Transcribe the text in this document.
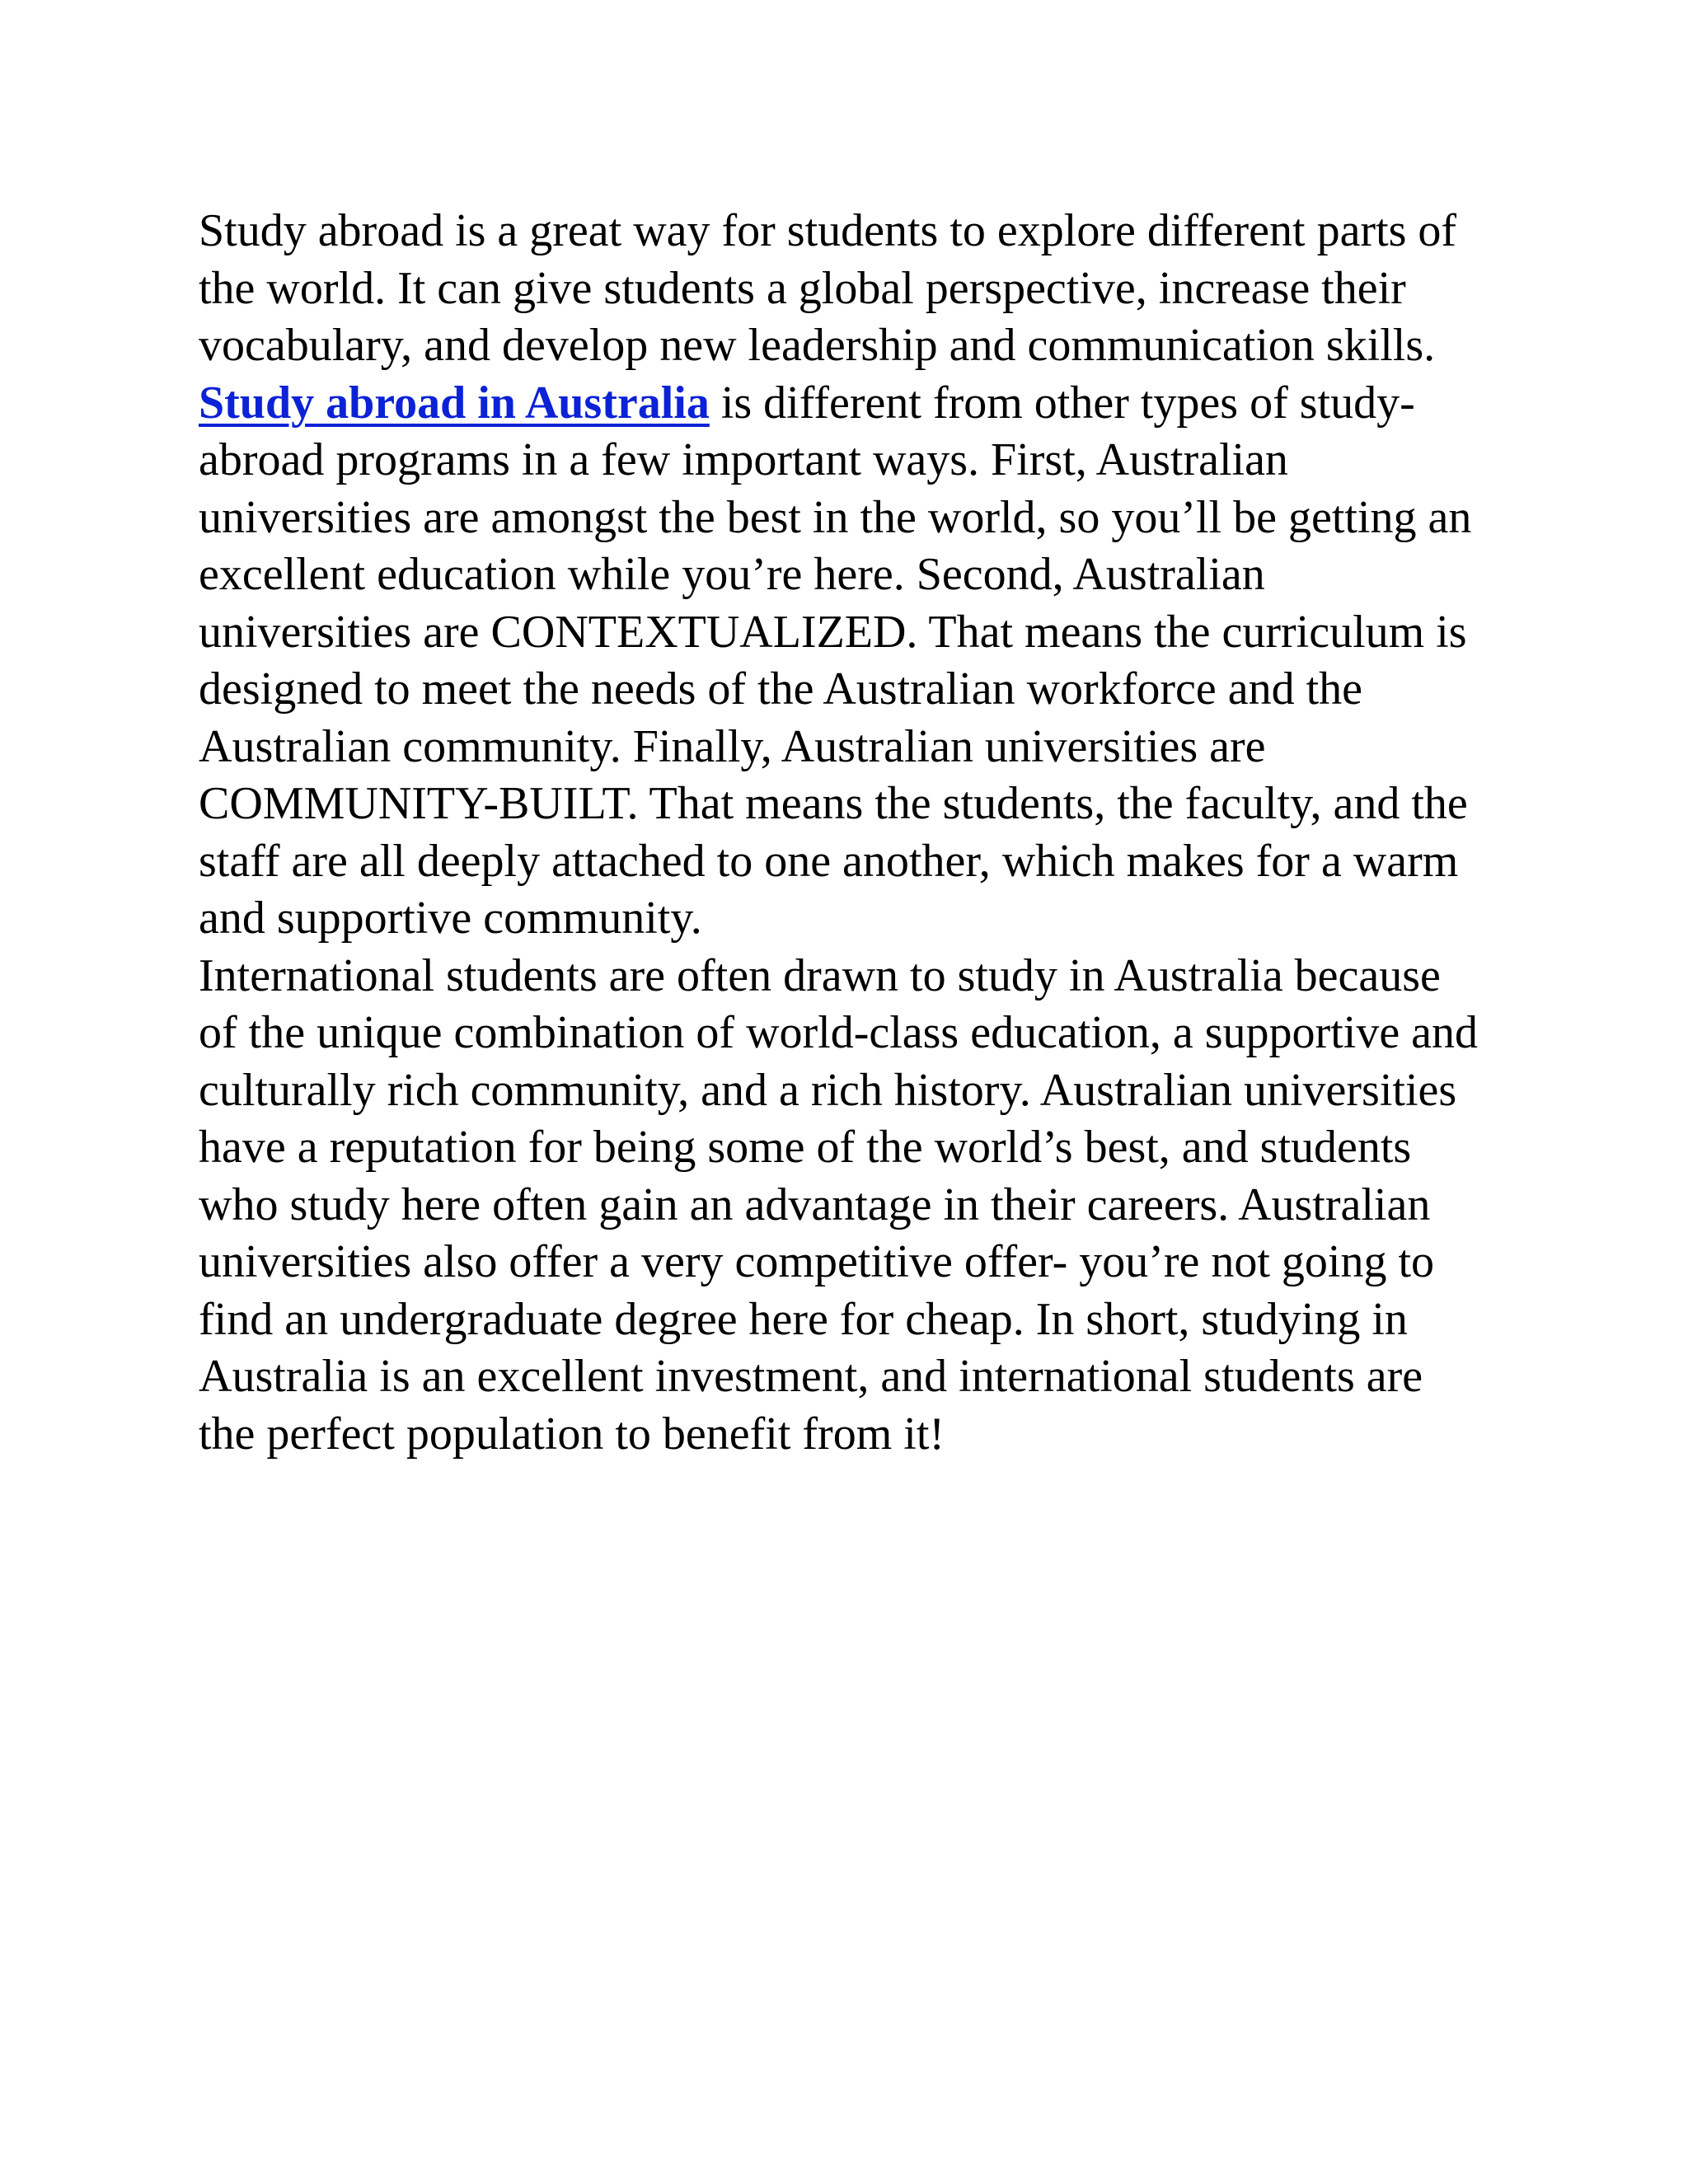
Study abroad is a great way for students to explore different parts of the world. It can give students a global perspective, increase their vocabulary, and develop new leadership and communication skills.

Study abroad in Australia is different from other types of study-abroad programs in a few important ways. First, Australian universities are amongst the best in the world, so you’ll be getting an excellent education while you’re here. Second, Australian universities are CONTEXTUALIZED. That means the curriculum is designed to meet the needs of the Australian workforce and the Australian community. Finally, Australian universities are COMMUNITY-BUILT. That means the students, the faculty, and the staff are all deeply attached to one another, which makes for a warm and supportive community.

International students are often drawn to study in Australia because of the unique combination of world-class education, a supportive and culturally rich community, and a rich history. Australian universities have a reputation for being some of the world’s best, and students who study here often gain an advantage in their careers. Australian universities also offer a very competitive offer- you’re not going to find an undergraduate degree here for cheap. In short, studying in Australia is an excellent investment, and international students are the perfect population to benefit from it!
